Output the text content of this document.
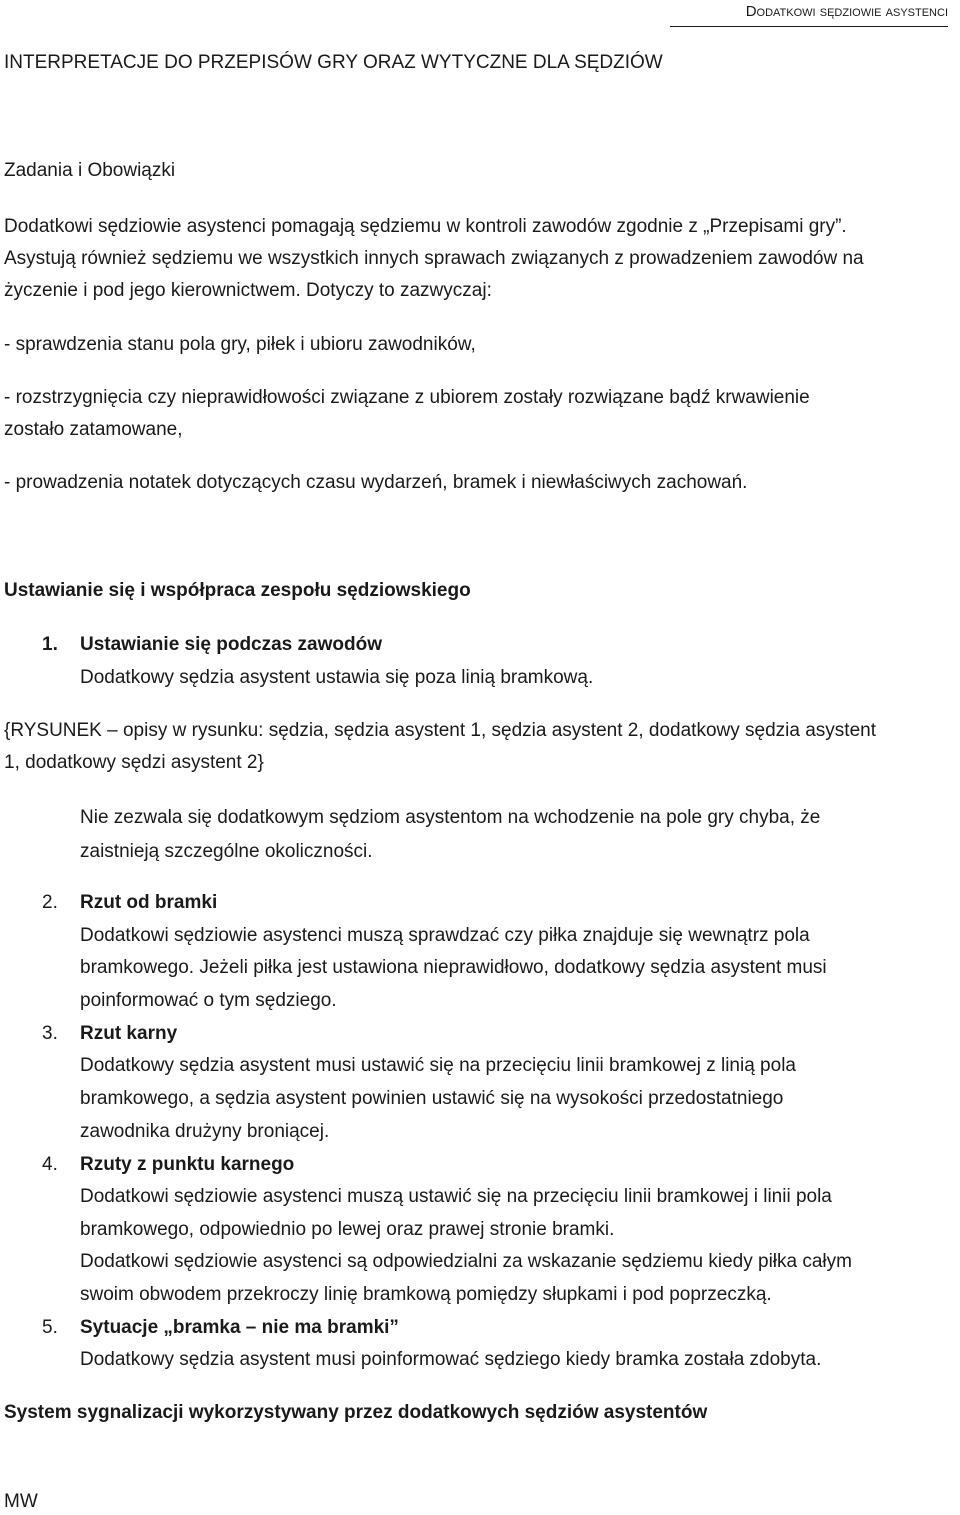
Dodatkowi sędziowie asystenci
INTERPRETACJE DO PRZEPISÓW GRY ORAZ WYTYCZNE DLA SĘDZIÓW
Zadania i Obowiązki
Dodatkowi sędziowie asystenci pomagają sędziemu w kontroli zawodów zgodnie z „Przepisami gry”.
Asystują również sędziemu we wszystkich innych sprawach związanych z prowadzeniem zawodów na
życzenie i pod jego kierownictwem. Dotyczy to zazwyczaj:
- sprawdzenia stanu pola gry, piłek i ubioru zawodników,
- rozstrzygnięcia czy nieprawidłowości związane z ubiorem zostały rozwiązane bądź krwawienie
zostało zatamowane,
- prowadzenia notatek dotyczących czasu wydarzeń, bramek i niewłaściwych zachowań.
Ustawianie się i współpraca zespołu sędziowskiego
1.	Ustawianie się podczas zawodów
Dodatkowy sędzia asystent ustawia się poza linią bramkową.
{RYSUNEK – opisy w rysunku: sędzia, sędzia asystent 1, sędzia asystent 2, dodatkowy sędzia asystent
1, dodatkowy sędzi asystent 2}
Nie zezwala się dodatkowym sędziom asystentom na wchodzenie na pole gry chyba, że
zaistnieją szczególne okoliczności.
2.	Rzut od bramki
Dodatkowi sędziowie asystenci muszą sprawdzać czy piłka znajduje się wewnątrz pola
bramkowego. Jeżeli piłka jest ustawiona nieprawidłowo, dodatkowy sędzia asystent musi
poinformować o tym sędziego.
3.	Rzut karny
Dodatkowy sędzia asystent musi ustawić się na przecięciu linii bramkowej z linią pola
bramkowego, a sędzia asystent powinien ustawić się na wysokości przedostatniego
zawodnika drużyny broniącej.
4.	Rzuty z punktu karnego
Dodatkowi sędziowie asystenci muszą ustawić się na przecięciu linii bramkowej i linii pola
bramkowego, odpowiednio po lewej oraz prawej stronie bramki.
Dodatkowi sędziowie asystenci są odpowiedzialni za wskazanie sędziemu kiedy piłka całym
swoim obwodem przekroczy linię bramkową pomiędzy słupkami i pod poprzeczką.
5.	Sytuacje „bramka – nie ma bramki”
Dodatkowy sędzia asystent musi poinformować sędziego kiedy bramka została zdobyta.
System sygnalizacji wykorzystywany przez dodatkowych sędziów asystentów
MW
